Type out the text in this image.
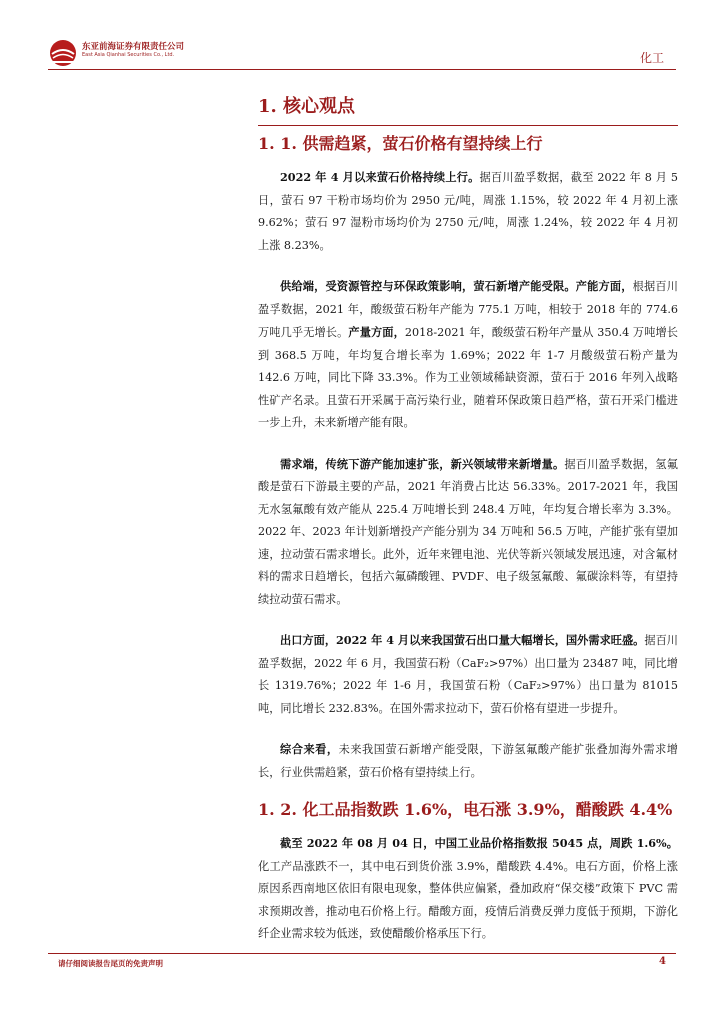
东亚前海证券有限责任公司
East Asia Qianhai Securities Co., Ltd.	化工
1. 核心观点
1. 1. 供需趋紧，萤石价格有望持续上行

2022 年 4 月以来萤石价格持续上行。据百川盈孚数据，截至 2022 年 8 月 5 日，萤石 97 干粉市场均价为 2950 元/吨，周涨 1.15%，较 2022 年 4 月初上涨 9.62%；萤石 97 湿粉市场均价为 2750 元/吨，周涨 1.24%，较 2022 年 4 月初上涨 8.23%。

供给端，受资源管控与环保政策影响，萤石新增产能受限。产能方面，根据百川盈孚数据，2021 年，酸级萤石粉年产能为 775.1 万吨，相较于 2018 年的 774.6 万吨几乎无增长。产量方面，2018-2021 年，酸级萤石粉年产量从 350.4 万吨增长到 368.5 万吨，年均复合增长率为 1.69%；2022 年 1-7 月酸级萤石粉产量为 142.6 万吨，同比下降 33.3%。作为工业领域稀缺资源，萤石于 2016 年列入战略性矿产名录。且萤石开采属于高污染行业，随着环保政策日趋严格，萤石开采门槛进一步上升，未来新增产能有限。

需求端，传统下游产能加速扩张，新兴领域带来新增量。据百川盈孚数据，氢氟酸是萤石下游最主要的产品，2021 年消费占比达 56.33%。2017-2021 年，我国无水氢氟酸有效产能从 225.4 万吨增长到 248.4 万吨，年均复合增长率为 3.3%。2022 年、2023 年计划新增投产产能分别为 34 万吨和 56.5 万吨，产能扩张有望加速，拉动萤石需求增长。此外，近年来锂电池、光伏等新兴领域发展迅速，对含氟材料的需求日趋增长，包括六氟磷酸锂、PVDF、电子级氢氟酸、氟碳涂料等，有望持续拉动萤石需求。

出口方面，2022 年 4 月以来我国萤石出口量大幅增长，国外需求旺盛。据百川盈孚数据，2022 年 6 月，我国萤石粉（CaF₂>97%）出口量为 23487 吨，同比增长 1319.76%；2022 年 1-6 月，我国萤石粉（CaF₂>97%）出口量为 81015 吨，同比增长 232.83%。在国外需求拉动下，萤石价格有望进一步提升。

综合来看，未来我国萤石新增产能受限，下游氢氟酸产能扩张叠加海外需求增长，行业供需趋紧，萤石价格有望持续上行。

1. 2. 化工品指数跌 1.6%，电石涨 3.9%，醋酸跌 4.4%

截至 2022 年 08 月 04 日，中国工业品价格指数报 5045 点，周跌 1.6%。化工产品涨跌不一，其中电石到货价涨 3.9%，醋酸跌 4.4%。电石方面，价格上涨原因系西南地区依旧有限电现象，整体供应偏紧，叠加政府“保交楼”政策下 PVC 需求预期改善，推动电石价格上行。醋酸方面，疫情后消费反弹力度低于预期，下游化纤企业需求较为低迷，致使醋酸价格承压下行。

请仔细阅读报告尾页的免责声明	4
